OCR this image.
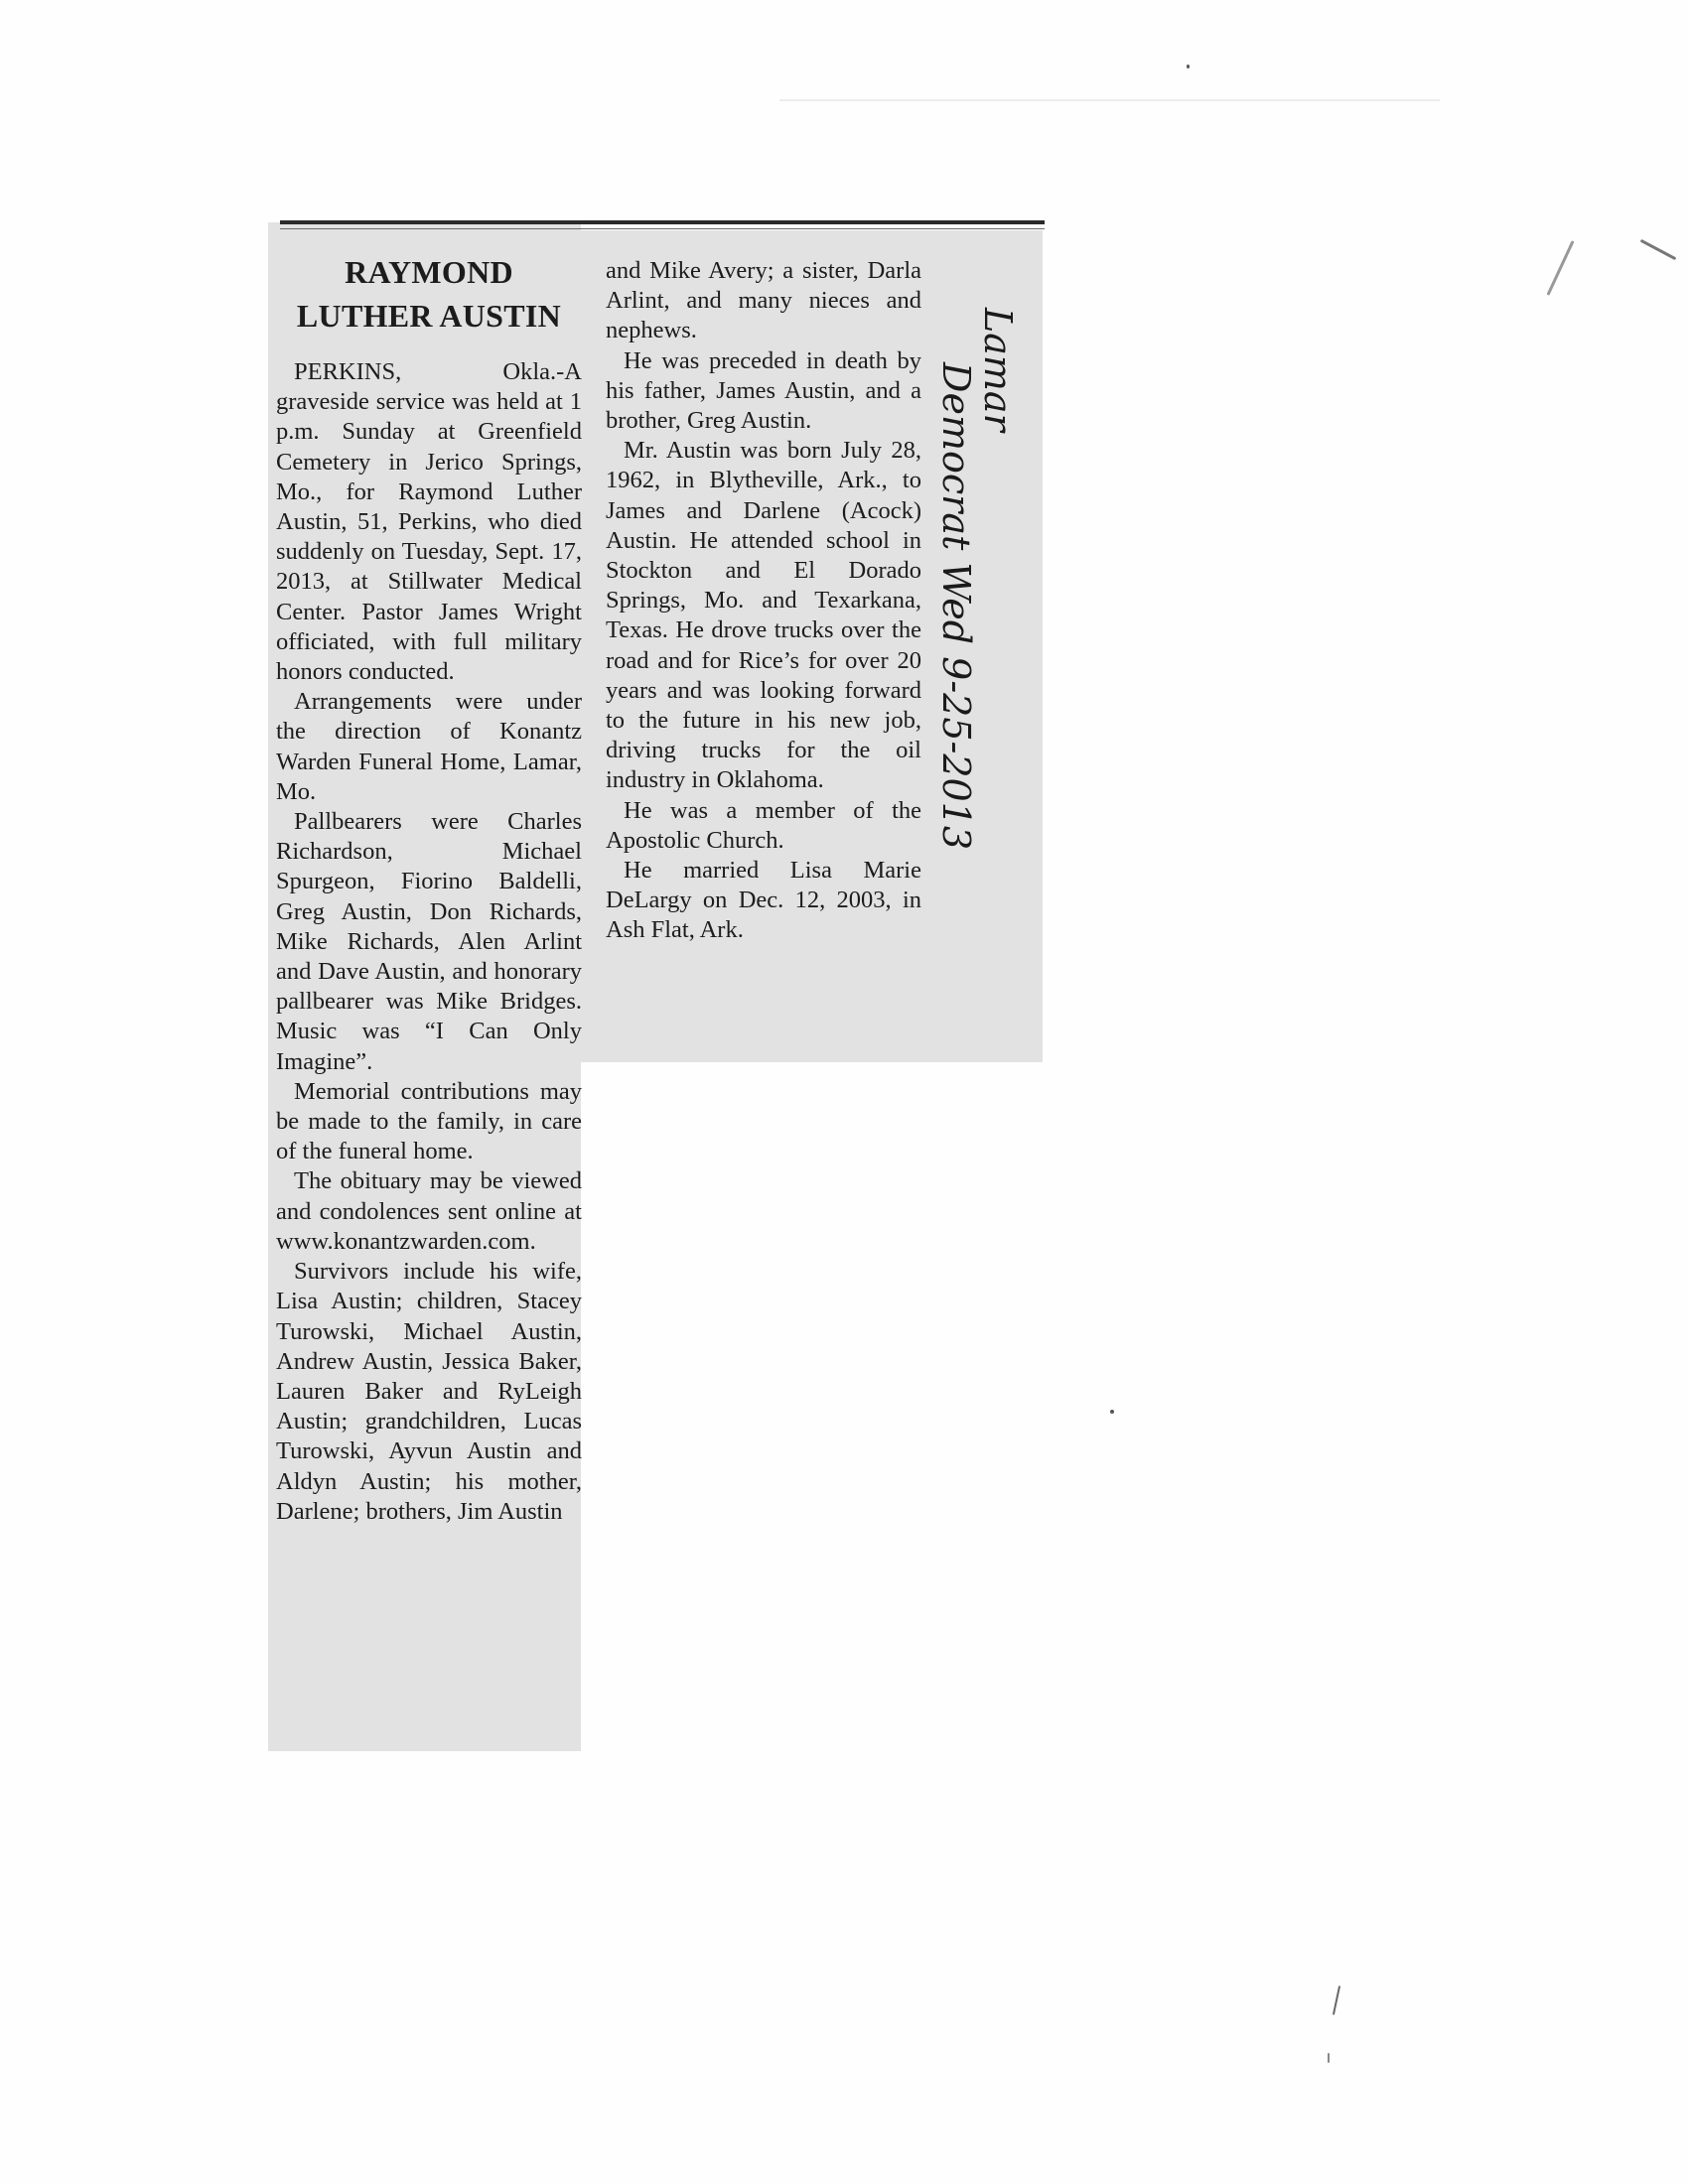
RAYMOND
LUTHER AUSTIN

PERKINS, Okla.-A graveside service was held at 1 p.m. Sunday at Greenfield Cemetery in Jerico Springs, Mo., for Raymond Luther Austin, 51, Perkins, who died suddenly on Tuesday, Sept. 17, 2013, at Stillwater Medical Center. Pastor James Wright officiated, with full military honors conducted.

Arrangements were under the direction of Konantz Warden Funeral Home, Lamar, Mo.

Pallbearers were Charles Richardson, Michael Spurgeon, Fiorino Baldelli, Greg Austin, Don Richards, Mike Richards, Alen Arlint and Dave Austin, and honorary pallbearer was Mike Bridges. Music was “I Can Only Imagine”.

Memorial contributions may be made to the family, in care of the funeral home.

The obituary may be viewed and condolences sent online at www.konantzwarden.com.

Survivors include his wife, Lisa Austin; children, Stacey Turowski, Michael Austin, Andrew Austin, Jessica Baker, Lauren Baker and RyLeigh Austin; grandchildren, Lucas Turowski, Ayvun Austin and Aldyn Austin; his mother, Darlene; brothers, Jim Austin

and Mike Avery; a sister, Darla Arlint, and many nieces and nephews.

He was preceded in death by his father, James Austin, and a brother, Greg Austin.

Mr. Austin was born July 28, 1962, in Blytheville, Ark., to James and Darlene (Acock) Austin. He attended school in Stockton and El Dorado Springs, Mo. and Texarkana, Texas. He drove trucks over the road and for Rice’s for over 20 years and was looking forward to the future in his new job, driving trucks for the oil industry in Oklahoma.

He was a member of the Apostolic Church.

He married Lisa Marie DeLargy on Dec. 12, 2003, in Ash Flat, Ark.

Lamar
Democrat Wed 9-25-2013
